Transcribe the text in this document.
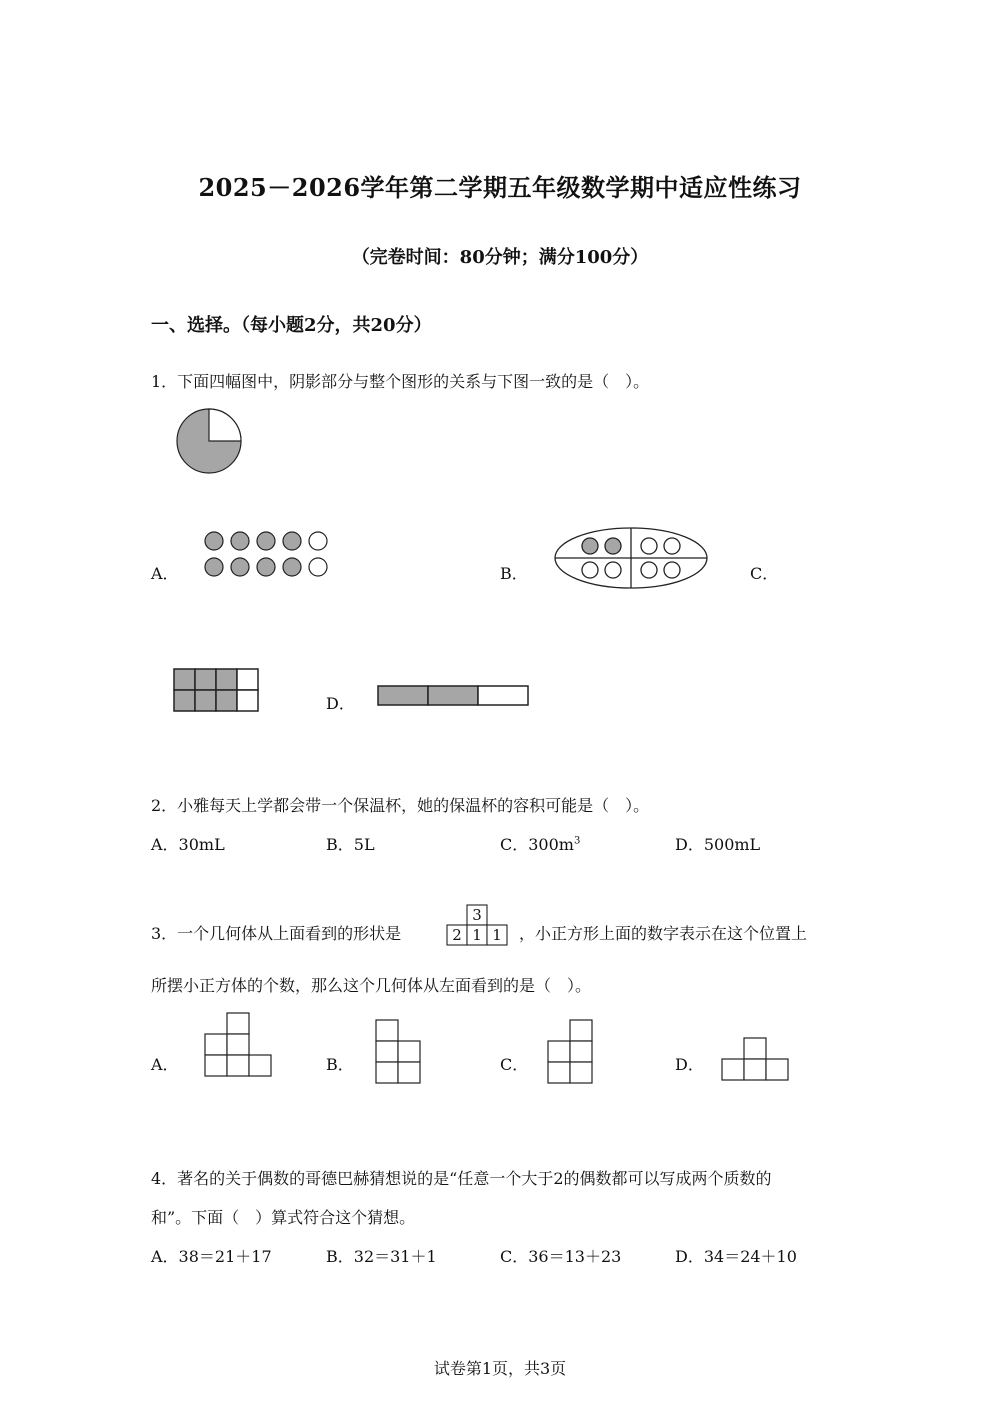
2025－2026学年第二学期五年级数学期中适应性练习
（完卷时间：80分钟；满分100分）
一、选择。（每小题2分，共20分）
1．下面四幅图中，阴影部分与整个图形的关系与下图一致的是（　）。
A．	B．	C．
D．
2．小雅每天上学都会带一个保温杯，她的保温杯的容积可能是（　）。
A．30mL	B．5L	C．$300m^3$	D．500mL
3．一个几何体从上面看到的形状是
3
2 1 1	，小正方形上面的数字表示在这个位置上
所摆小正方体的个数，那么这个几何体从左面看到的是（　）。
A．	B．	C．	D．
4．著名的关于偶数的哥德巴赫猜想说的是“任意一个大于2的偶数都可以写成两个质数的
和”。下面（　）算式符合这个猜想。
A．38＝21＋17	B．32＝31＋1	C．36＝13＋23	D．34＝24＋10
试卷第1页，共3页
